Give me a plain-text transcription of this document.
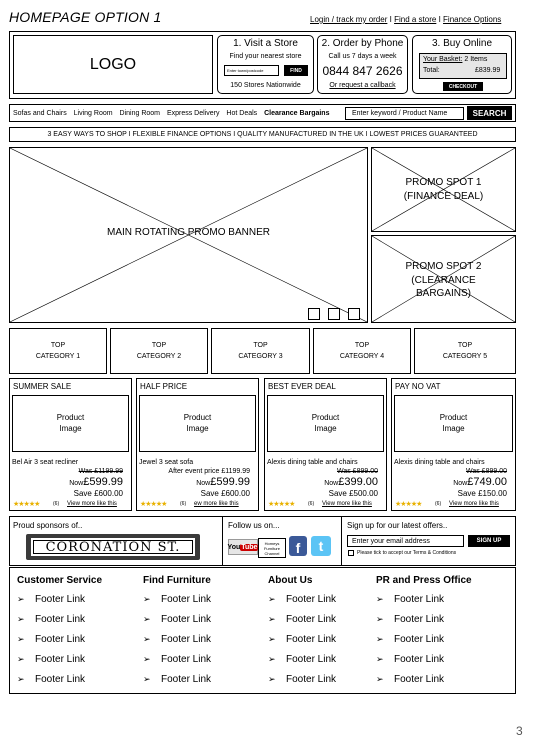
HOMEPAGE OPTION 1	Login / track my order I Find a store I Finance Options
LOGO
1. Visit a Store
Find your nearest store
Enter town/postcode	FIND
150 Stores Nationwide
2. Order by Phone
Call us 7 days a week
0844 847 2626
Or request a callback
3. Buy Online
Your Basket: 2 Items
Total:	£839.99
CHECKOUT
Sofas and Chairs Living Room Dining Room Express Delivery Hot Deals Clearance Bargains	Enter keyword / Product Name	SEARCH
3 EASY WAYS TO SHOP I FLEXIBLE FINANCE OPTIONS I QUALITY MANUFACTURED IN THE UK I LOWEST PRICES GUARANTEED
MAIN ROTATING PROMO BANNER
PROMO SPOT 1
(FINANCE DEAL)
PROMO SPOT 2
(CLEARANCE
BARGAINS)
TOP
CATEGORY 1
TOP
CATEGORY 2
TOP
CATEGORY 3
TOP
CATEGORY 4
TOP
CATEGORY 5
SUMMER SALE
Product
Image
Bel Air 3 seat recliner
Was £1199.99
Now£599.99
Save £600.00
★★★★★	(6) View more like this
HALF PRICE
Product
Image
Jewel 3 seat sofa
After event price £1199.99
Now£599.99
Save £600.00
★★★★★	(6) ew more like this
BEST EVER DEAL
Product
Image
Alexis dining table and chairs
Was £899.00
Now£399.00
Save £500.00
★★★★★	(6) View more like this
PAY NO VAT
Product
Image
Alexis dining table and chairs
Was £899.00
Now£749.00
Save £150.00
★★★★★	(6) View more like this
Proud sponsors of..
CORONATION ST.
Follow us on...
You Tube	Homeys Furniture Channel	f	t
Sign up for our latest offers..
Enter your email address	SIGN UP
Please tick to accept our Terms & Conditions
Customer Service
➢	Footer Link
➢	Footer Link
➢	Footer Link
➢	Footer Link
➢	Footer Link
Find Furniture
➢	Footer Link
➢	Footer Link
➢	Footer Link
➢	Footer Link
➢	Footer Link
About Us
➢	Footer Link
➢	Footer Link
➢	Footer Link
➢	Footer Link
➢	Footer Link
PR and Press Office
➢	Footer Link
➢	Footer Link
➢	Footer Link
➢	Footer Link
➢	Footer Link
3
